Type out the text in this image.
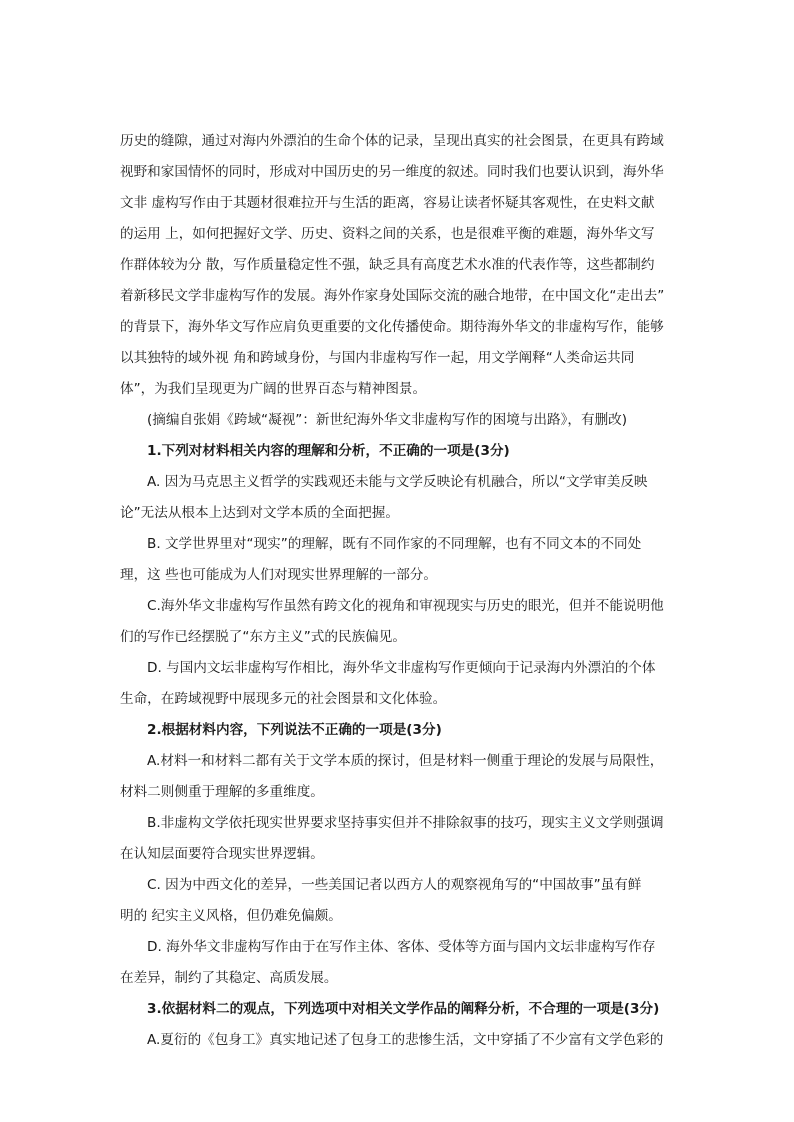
历史的缝隙，通过对海内外漂泊的生命个体的记录，呈现出真实的社会图景，在更具有跨域
视野和家国情怀的同时，形成对中国历史的另一维度的叙述。同时我们也要认识到，海外华
文非 虚构写作由于其题材很难拉开与生活的距离，容易让读者怀疑其客观性，在史料文献
的运用 上，如何把握好文学、历史、资料之间的关系，也是很难平衡的难题，海外华文写
作群体较为分 散，写作质量稳定性不强，缺乏具有高度艺术水准的代表作等，这些都制约
着新移民文学非虚构写作的发展。海外作家身处国际交流的融合地带，在中国文化“走出去”
的背景下，海外华文写作应肩负更重要的文化传播使命。期待海外华文的非虚构写作，能够
以其独特的域外视 角和跨域身份，与国内非虚构写作一起，用文学阐释“人类命运共同
体”，为我们呈现更为广阔的世界百态与精神图景。
(摘编自张娟《跨域“凝视”：新世纪海外华文非虚构写作的困境与出路》，有删改)
1.下列对材料相关内容的理解和分析，不正确的一项是(3分)
A. 因为马克思主义哲学的实践观还未能与文学反映论有机融合，所以“文学审美反映
论”无法从根本上达到对文学本质的全面把握。
B. 文学世界里对“现实”的理解，既有不同作家的不同理解，也有不同文本的不同处
理，这 些也可能成为人们对现实世界理解的一部分。
C.海外华文非虚构写作虽然有跨文化的视角和审视现实与历史的眼光，但并不能说明他
们的写作已经摆脱了“东方主义”式的民族偏见。
D. 与国内文坛非虚构写作相比，海外华文非虚构写作更倾向于记录海内外漂泊的个体
生命，在跨域视野中展现多元的社会图景和文化体验。
2.根据材料内容，下列说法不正确的一项是(3分)
A.材料一和材料二都有关于文学本质的探讨，但是材料一侧重于理论的发展与局限性，
材料二则侧重于理解的多重维度。
B.非虚构文学依托现实世界要求坚持事实但并不排除叙事的技巧，现实主义文学则强调
在认知层面要符合现实世界逻辑。
C. 因为中西文化的差异，一些美国记者以西方人的观察视角写的“中国故事”虽有鲜
明的 纪实主义风格，但仍难免偏颇。
D. 海外华文非虚构写作由于在写作主体、客体、受体等方面与国内文坛非虚构写作存
在差异，制约了其稳定、高质发展。
3.依据材料二的观点，下列选项中对相关文学作品的阐释分析，不合理的一项是(3分)
A.夏衍的《包身工》真实地记述了包身工的悲惨生活，文中穿插了不少富有文学色彩的
